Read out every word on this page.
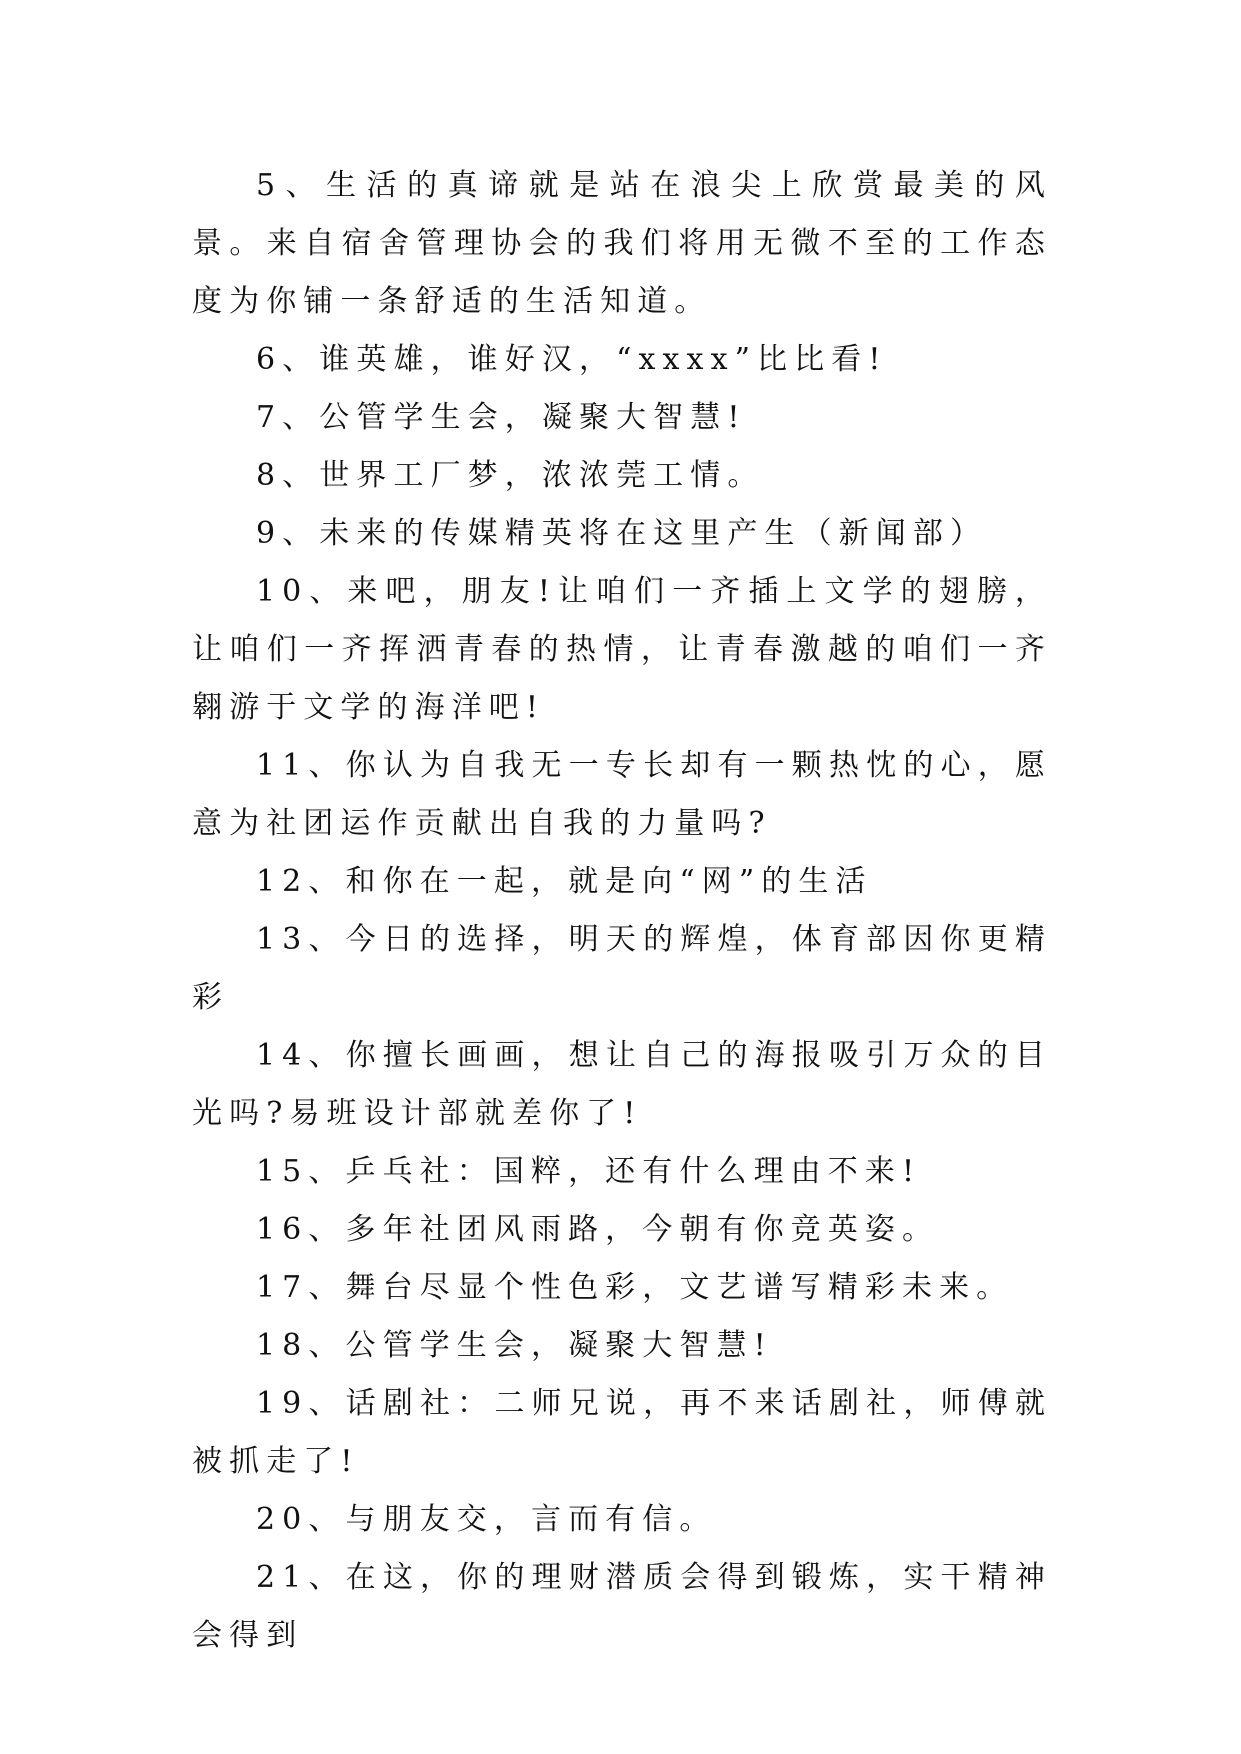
5、生活的真谛就是站在浪尖上欣赏最美的风景。来自宿舍管理协会的我们将用无微不至的工作态度为你铺一条舒适的生活知道。

6、谁英雄，谁好汉，“xxxx”比比看!

7、公管学生会，凝聚大智慧!

8、世界工厂梦，浓浓莞工情。

9、未来的传媒精英将在这里产生（新闻部）

10、来吧，朋友!让咱们一齐插上文学的翅膀，让咱们一齐挥洒青春的热情，让青春激越的咱们一齐翱游于文学的海洋吧!

11、你认为自我无一专长却有一颗热忱的心，愿意为社团运作贡献出自我的力量吗?

12、和你在一起，就是向“网”的生活

13、今日的选择，明天的辉煌，体育部因你更精彩

14、你擅长画画，想让自己的海报吸引万众的目光吗?易班设计部就差你了!

15、乒乓社：国粹，还有什么理由不来!

16、多年社团风雨路，今朝有你竞英姿。

17、舞台尽显个性色彩，文艺谱写精彩未来。

18、公管学生会，凝聚大智慧!

19、话剧社：二师兄说，再不来话剧社，师傅就被抓走了!

20、与朋友交，言而有信。

21、在这，你的理财潜质会得到锻炼，实干精神会得到
